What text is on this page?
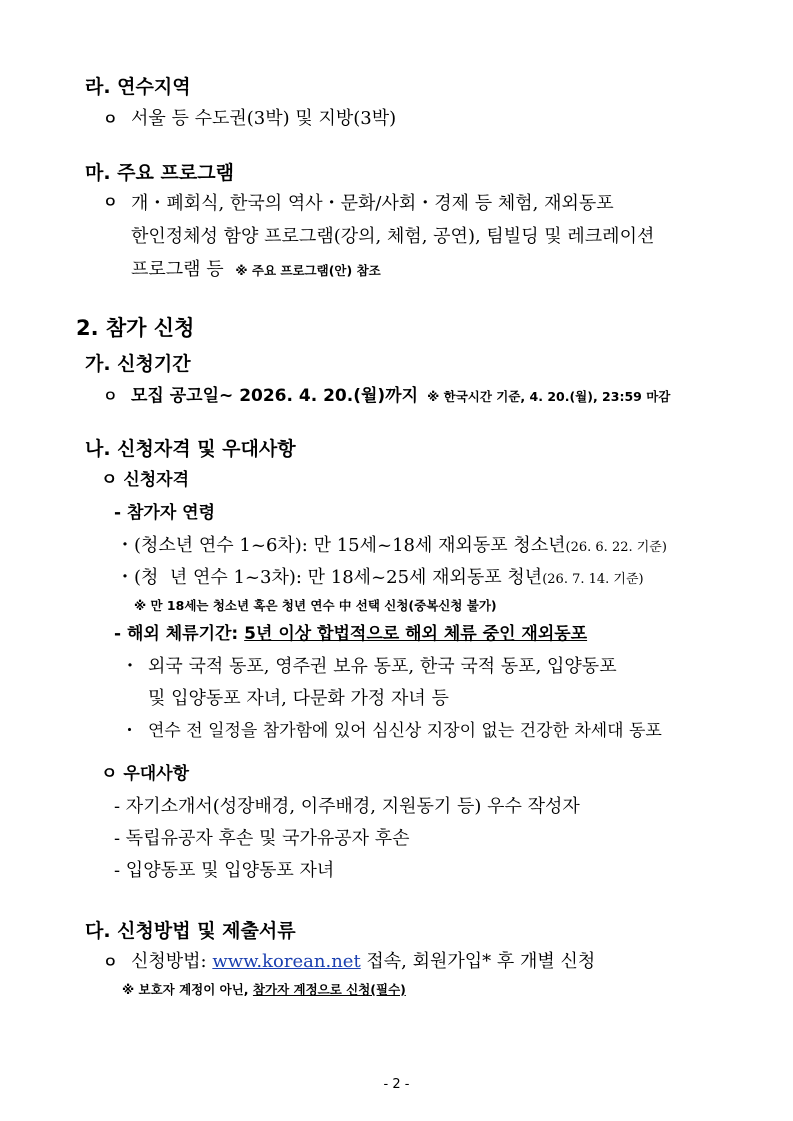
라. 연수지역
ㅇ 서울 등 수도권(3박) 및 지방(3박)
마. 주요 프로그램
ㅇ 개・폐회식, 한국의 역사・문화/사회・경제 등 체험, 재외동포
한인정체성 함양 프로그램(강의, 체험, 공연), 팀빌딩 및 레크레이션
프로그램 등 ※ 주요 프로그램(안) 참조
2. 참가 신청
가. 신청기간
ㅇ 모집 공고일~ 2026. 4. 20.(월)까지 ※ 한국시간 기준, 4. 20.(월), 23:59 마감
나. 신청자격 및 우대사항
ㅇ 신청자격
- 참가자 연령
・(청소년 연수 1~6차): 만 15세~18세 재외동포 청소년(26. 6. 22. 기준)
・(청  년 연수 1~3차): 만 18세~25세 재외동포 청년(26. 7. 14. 기준)
※ 만 18세는 청소년 혹은 청년 연수 中 선택 신청(중복신청 불가)
- 해외 체류기간: 5년 이상 합법적으로 해외 체류 중인 재외동포
・ 외국 국적 동포, 영주권 보유 동포, 한국 국적 동포, 입양동포
및 입양동포 자녀, 다문화 가정 자녀 등
・ 연수 전 일정을 참가함에 있어 심신상 지장이 없는 건강한 차세대 동포
ㅇ 우대사항
- 자기소개서(성장배경, 이주배경, 지원동기 등) 우수 작성자
- 독립유공자 후손 및 국가유공자 후손
- 입양동포 및 입양동포 자녀
다. 신청방법 및 제출서류
ㅇ 신청방법: www.korean.net 접속, 회원가입* 후 개별 신청
※ 보호자 계정이 아닌, 참가자 계정으로 신청(필수)
- 2 -
